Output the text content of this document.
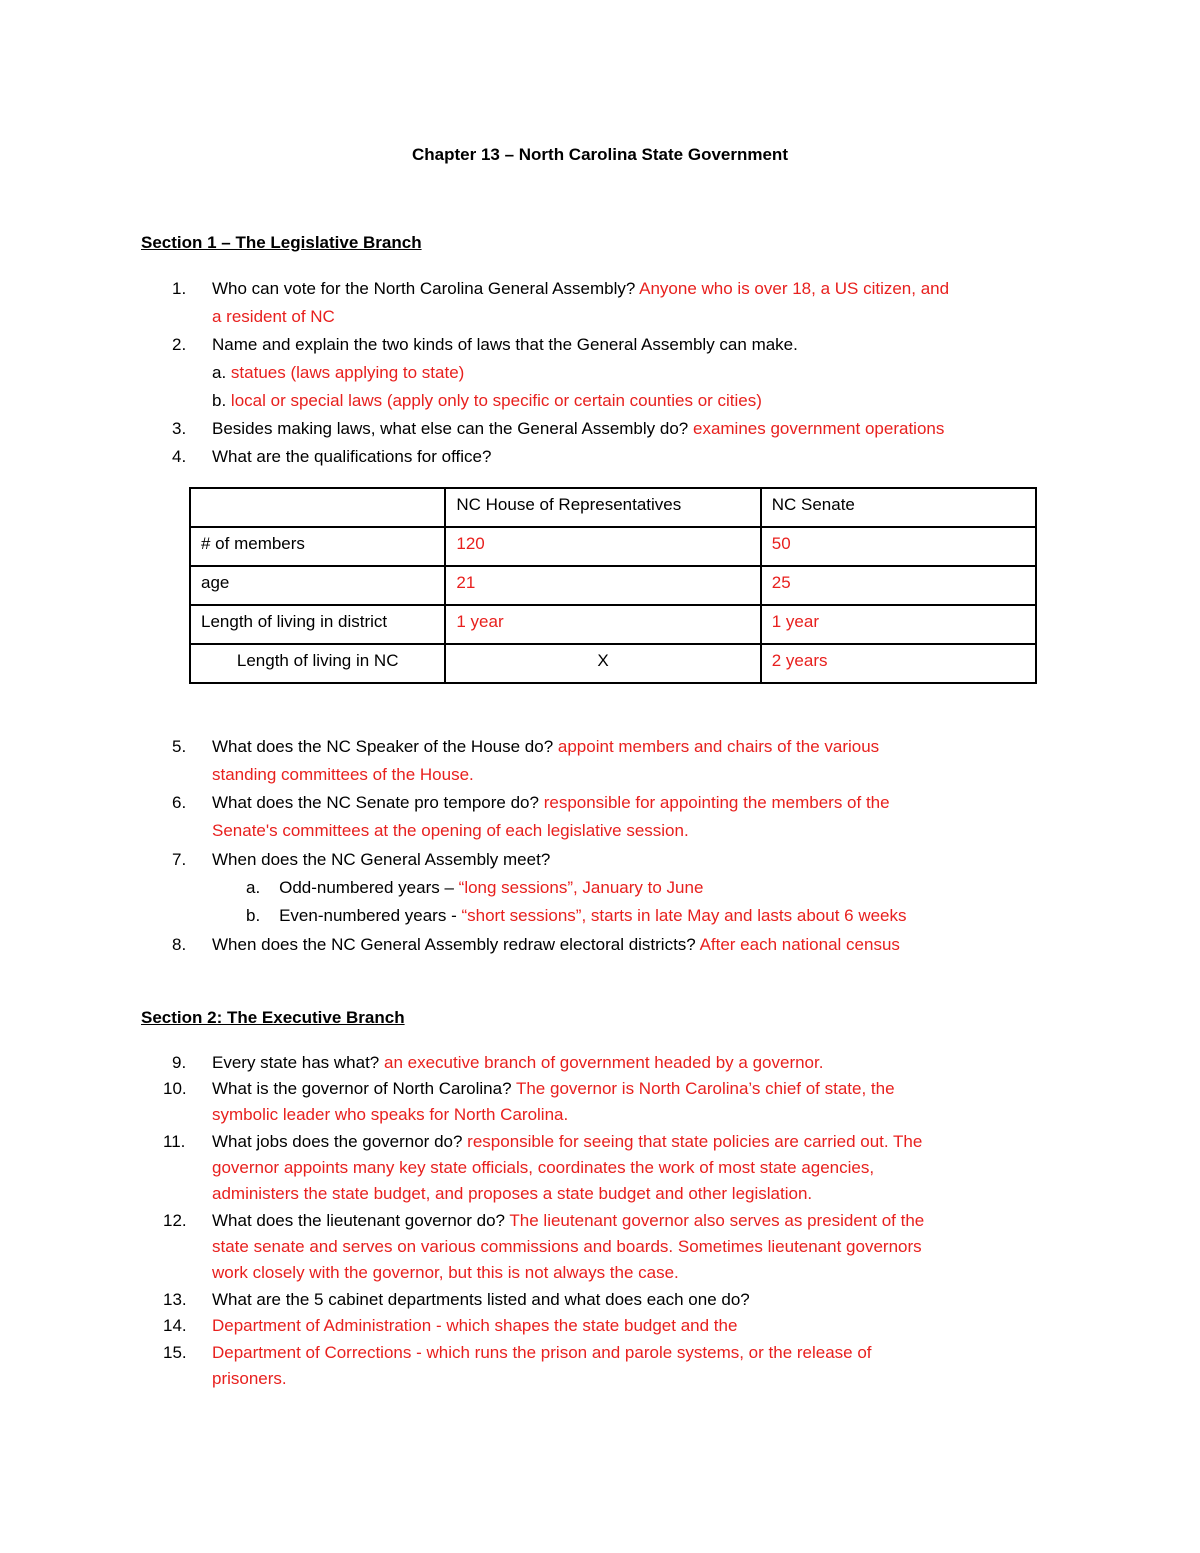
Chapter 13 – North Carolina State Government
Section 1 – The Legislative Branch
1. Who can vote for the North Carolina General Assembly? Anyone who is over 18, a US citizen, and
a resident of NC
2. Name and explain the two kinds of laws that the General Assembly can make.
a. statues (laws applying to state)
b. local or special laws (apply only to specific or certain counties or cities)
3. Besides making laws, what else can the General Assembly do? examines government operations
4. What are the qualifications for office?
	NC House of Representatives	NC Senate
# of members	120	50
age	21	25
Length of living in district	1 year	1 year
Length of living in NC	X	2 years
5. What does the NC Speaker of the House do? appoint members and chairs of the various
standing committees of the House.
6. What does the NC Senate pro tempore do? responsible for appointing the members of the
Senate's committees at the opening of each legislative session.
7. When does the NC General Assembly meet?
a. Odd-numbered years – “long sessions”, January to June
b. Even-numbered years - “short sessions”, starts in late May and lasts about 6 weeks
8. When does the NC General Assembly redraw electoral districts? After each national census
Section 2: The Executive Branch
9. Every state has what? an executive branch of government headed by a governor.
10. What is the governor of North Carolina? The governor is North Carolina’s chief of state, the
symbolic leader who speaks for North Carolina.
11. What jobs does the governor do? responsible for seeing that state policies are carried out. The
governor appoints many key state officials, coordinates the work of most state agencies,
administers the state budget, and proposes a state budget and other legislation.
12. What does the lieutenant governor do? The lieutenant governor also serves as president of the
state senate and serves on various commissions and boards. Sometimes lieutenant governors
work closely with the governor, but this is not always the case.
13. What are the 5 cabinet departments listed and what does each one do?
14. Department of Administration - which shapes the state budget and the
15. Department of Corrections - which runs the prison and parole systems, or the release of
prisoners.
